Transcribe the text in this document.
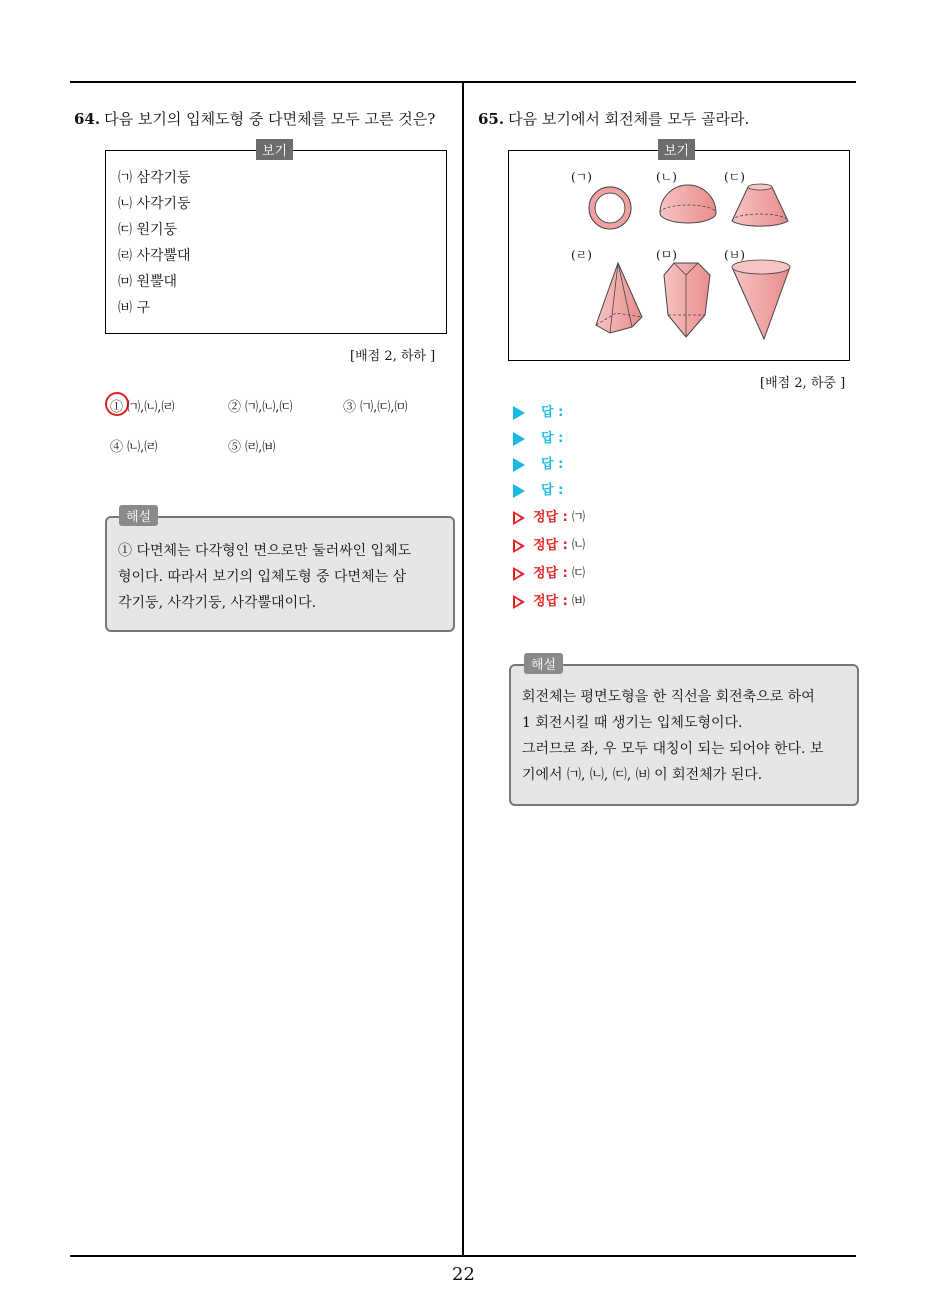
22
64. 다음 보기의 입체도형 중 다면체를 모두 고른 것은?
보기
㈀ 삼각기둥
㈁ 사각기둥
㈂ 원기둥
㈃ 사각뿔대
㈄ 원뿔대
㈅ 구
[배점 2, 하하 ]
① ㈀,㈁,㈃	② ㈀,㈁,㈂	③ ㈀,㈂,㈄
④ ㈁,㈃	⑤ ㈃,㈅
해설
① 다면체는 다각형인 면으로만 둘러싸인 입체도
형이다. 따라서 보기의 입체도형 중 다면체는 삼
각기둥, 사각기둥, 사각뿔대이다.
65. 다음 보기에서 회전체를 모두 골라라.
보기
(ㄱ)	(ㄴ)	(ㄷ)
(ㄹ)	(ㅁ)	(ㅂ)
[배점 2, 하중 ]
답 :
답 :
답 :
답 :
정답 : ㈀
정답 : ㈁
정답 : ㈂
정답 : ㈅
해설
회전체는 평면도형을 한 직선을 회전축으로 하여
1 회전시킬 때 생기는 입체도형이다.
그러므로 좌, 우 모두 대칭이 되는 되어야 한다. 보
기에서 ㈀, ㈁, ㈂, ㈅ 이 회전체가 된다.
